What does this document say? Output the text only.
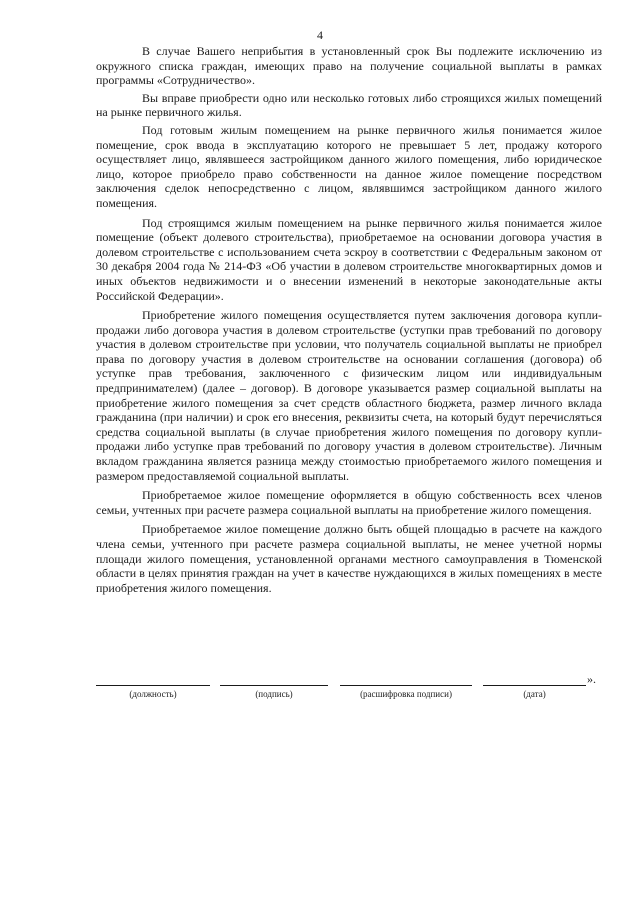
4

В случае Вашего неприбытия в установленный срок Вы подлежите исключению из окружного списка граждан, имеющих право на получение социальной выплаты в рамках программы «Сотрудничество».

Вы вправе приобрести одно или несколько готовых либо строящихся жилых помещений на рынке первичного жилья.

Под готовым жилым помещением на рынке первичного жилья понимается жилое помещение, срок ввода в эксплуатацию которого не превышает 5 лет, продажу которого осуществляет лицо, являвшееся застройщиком данного жилого помещения, либо юридическое лицо, которое приобрело право собственности на данное жилое помещение посредством заключения сделок непосредственно с лицом, являвшимся застройщиком данного жилого помещения.

Под строящимся жилым помещением на рынке первичного жилья понимается жилое помещение (объект долевого строительства), приобретаемое на основании договора участия в долевом строительстве с использованием счета эскроу в соответствии с Федеральным законом от 30 декабря 2004 года № 214-ФЗ «Об участии в долевом строительстве многоквартирных домов и иных объектов недвижимости и о внесении изменений в некоторые законодательные акты Российской Федерации».

Приобретение жилого помещения осуществляется путем заключения договора купли-продажи либо договора участия в долевом строительстве (уступки прав требований по договору участия в долевом строительстве при условии, что получатель социальной выплаты не приобрел права по договору участия в долевом строительстве на основании соглашения (договора) об уступке прав требования, заключенного с физическим лицом или индивидуальным предпринимателем) (далее – договор). В договоре указывается размер социальной выплаты на приобретение жилого помещения за счет средств областного бюджета, размер личного вклада гражданина (при наличии) и срок его внесения, реквизиты счета, на который будут перечисляться средства социальной выплаты (в случае приобретения жилого помещения по договору купли-продажи либо уступке прав требований по договору участия в долевом строительстве). Личным вкладом гражданина является разница между стоимостью приобретаемого жилого помещения и размером предоставляемой социальной выплаты.

Приобретаемое жилое помещение оформляется в общую собственность всех членов семьи, учтенных при расчете размера социальной выплаты на приобретение жилого помещения.

Приобретаемое жилое помещение должно быть общей площадью в расчете на каждого члена семьи, учтенного при расчете размера социальной выплаты, не менее учетной нормы площади жилого помещения, установленной органами местного самоуправления в Тюменской области в целях принятия граждан на учет в качестве нуждающихся в жилых помещениях в месте приобретения жилого помещения.

(должность)	(подпись)	(расшифровка подписи)	(дата)
».
